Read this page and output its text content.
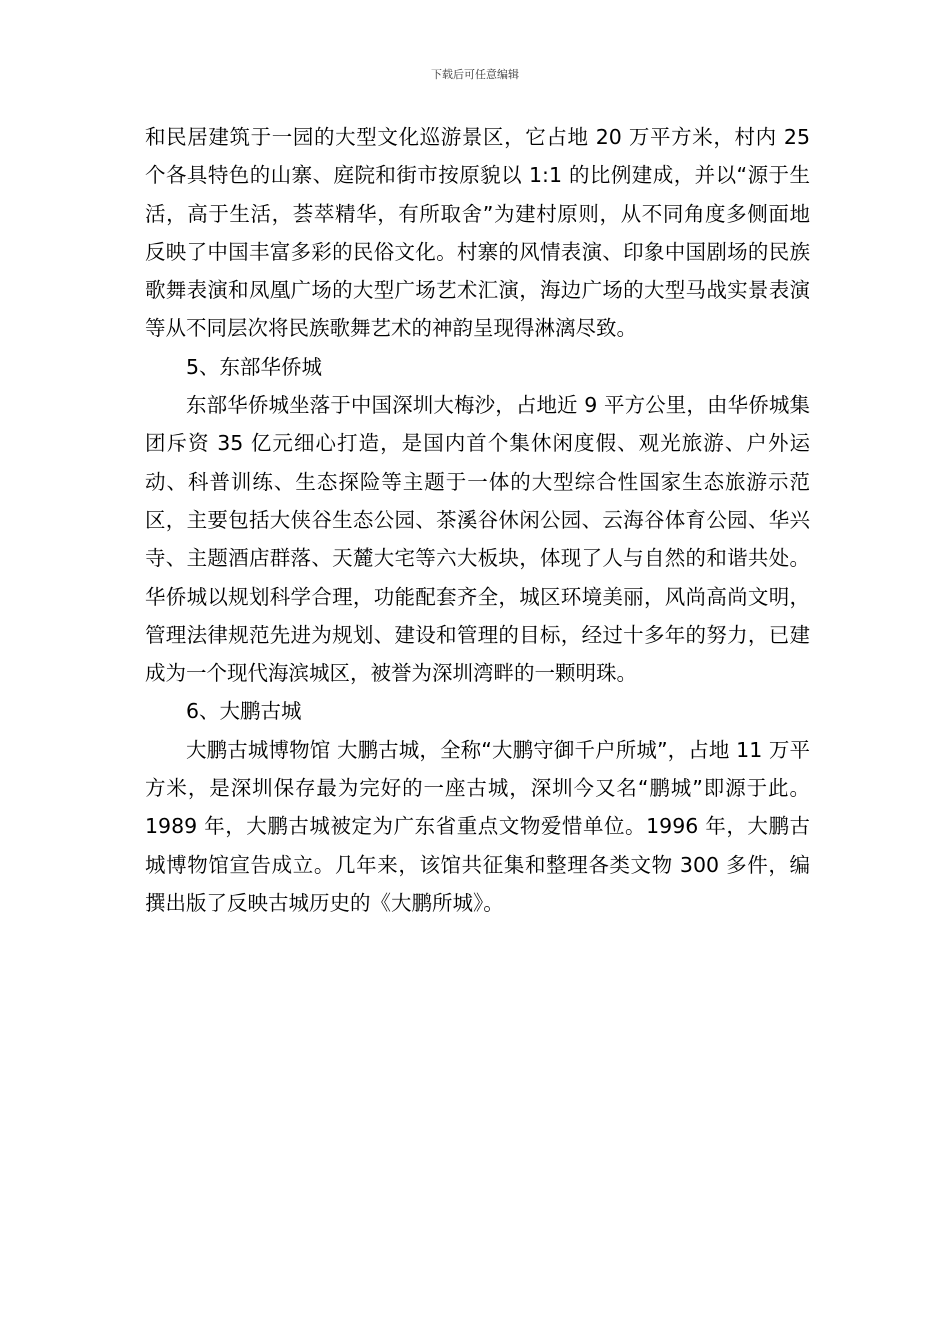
下载后可任意编辑

和民居建筑于一园的大型文化巡游景区，它占地 20 万平方米，村内 25 个各具特色的山寨、庭院和街市按原貌以 1:1 的比例建成，并以“源于生活，高于生活，荟萃精华，有所取舍”为建村原则，从不同角度多侧面地反映了中国丰富多彩的民俗文化。村寨的风情表演、印象中国剧场的民族歌舞表演和凤凰广场的大型广场艺术汇演，海边广场的大型马战实景表演等从不同层次将民族歌舞艺术的神韵呈现得淋漓尽致。

5、东部华侨城

东部华侨城坐落于中国深圳大梅沙，占地近 9 平方公里，由华侨城集团斥资 35 亿元细心打造，是国内首个集休闲度假、观光旅游、户外运动、科普训练、生态探险等主题于一体的大型综合性国家生态旅游示范区，主要包括大侠谷生态公园、茶溪谷休闲公园、云海谷体育公园、华兴寺、主题酒店群落、天麓大宅等六大板块，体现了人与自然的和谐共处。华侨城以规划科学合理，功能配套齐全，城区环境美丽，风尚高尚文明，管理法律规范先进为规划、建设和管理的目标，经过十多年的努力，已建成为一个现代海滨城区，被誉为深圳湾畔的一颗明珠。

6、大鹏古城

大鹏古城博物馆 大鹏古城，全称“大鹏守御千户所城”，占地 11 万平方米，是深圳保存最为完好的一座古城，深圳今又名“鹏城”即源于此。1989 年，大鹏古城被定为广东省重点文物爱惜单位。1996 年，大鹏古城博物馆宣告成立。几年来，该馆共征集和整理各类文物 300 多件，编撰出版了反映古城历史的《大鹏所城》。
